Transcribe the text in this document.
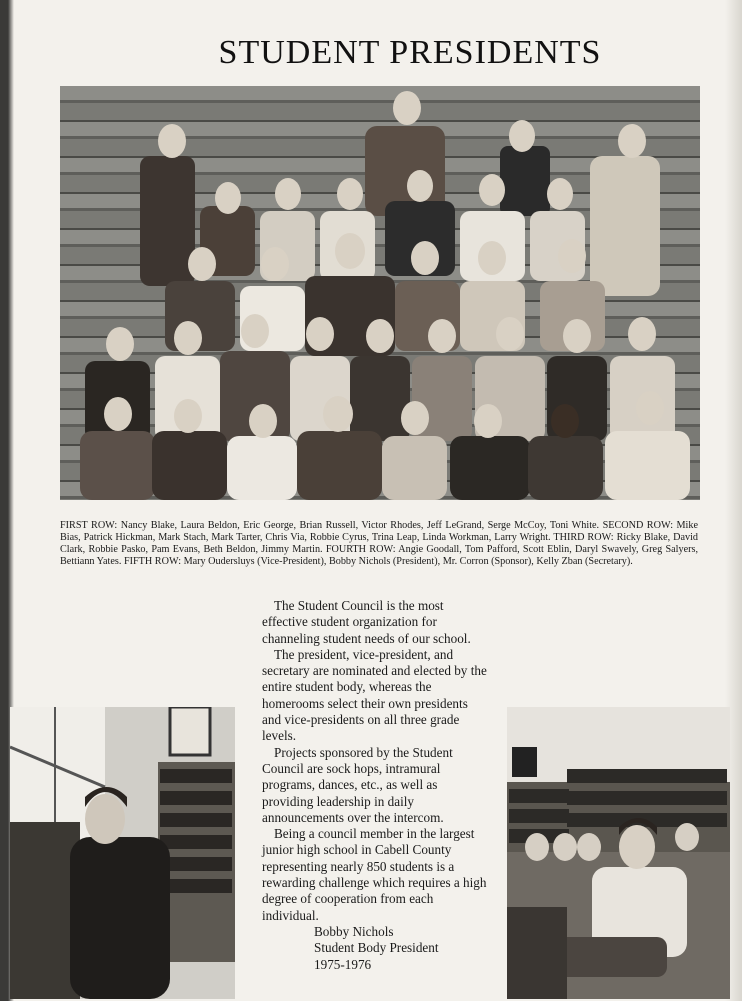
STUDENT PRESIDENTS
FIRST ROW: Nancy Blake, Laura Beldon, Eric George, Brian Russell, Victor Rhodes, Jeff LeGrand, Serge McCoy, Toni White. SECOND ROW: Mike Bias, Patrick Hickman, Mark Stach, Mark Tarter, Chris Via, Robbie Cyrus, Trina Leap, Linda Workman, Larry Wright. THIRD ROW: Ricky Blake, David Clark, Robbie Pasko, Pam Evans, Beth Beldon, Jimmy Martin. FOURTH ROW: Angie Goodall, Tom Pafford, Scott Eblin, Daryl Swavely, Greg Salyers, Bettiann Yates. FIFTH ROW: Mary Oudersluys (Vice-President), Bobby Nichols (President), Mr. Corron (Sponsor), Kelly Zban (Secretary).

The Student Council is the most effective student organization for channeling student needs of our school.

The president, vice-president, and secretary are nominated and elected by the entire student body, whereas the homerooms select their own presidents and vice-presidents on all three grade levels.

Projects sponsored by the Student Council are sock hops, intramural programs, dances, etc., as well as providing leadership in daily announcements over the intercom.

Being a council member in the largest junior high school in Cabell County representing nearly 850 students is a rewarding challenge which requires a high degree of cooperation from each individual.

Bobby Nichols
Student Body President
1975-1976
